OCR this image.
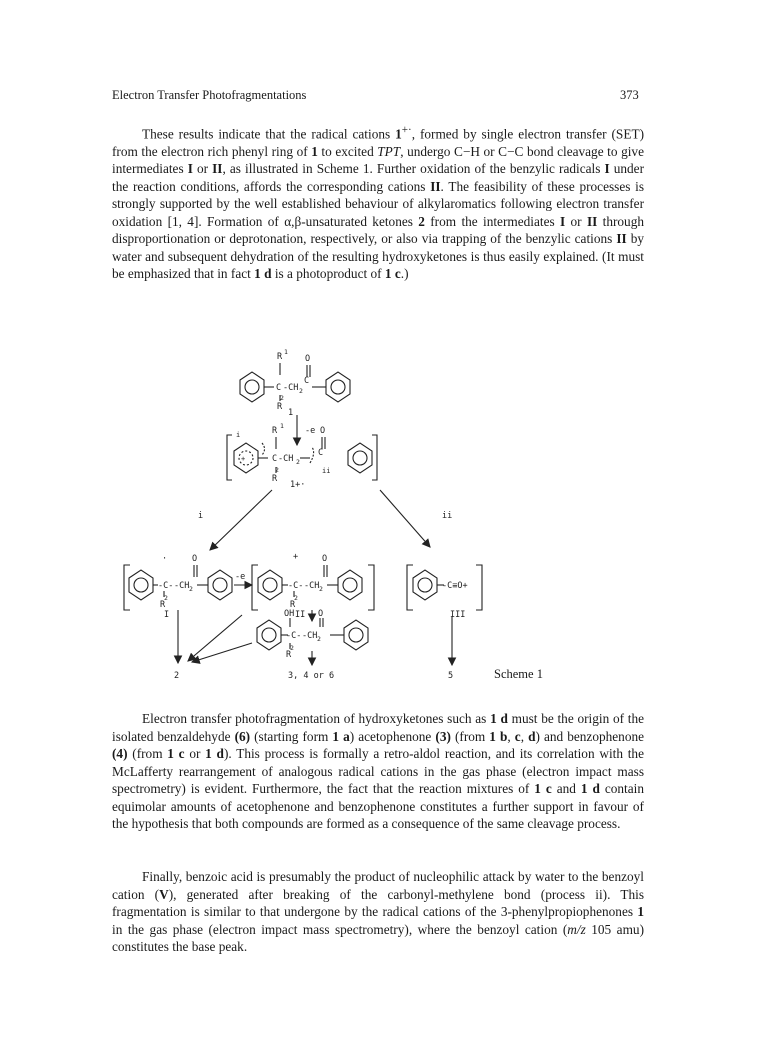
Electron Transfer Photofragmentations	373

These results indicate that the radical cations 1+·, formed by single electron transfer (SET) from the electron rich phenyl ring of 1 to excited TPT, undergo C−H or C−C bond cleavage to give intermediates I or II, as illustrated in Scheme 1. Further oxidation of the benzylic radicals I under the reaction conditions, affords the corresponding cations II. The feasibility of these processes is strongly supported by the well established behaviour of alkylaromatics following electron transfer oxidation [1, 4]. Formation of α,β-unsaturated ketones 2 from the intermediates I or II through disproportionation or deprotonation, respectively, or also via trapping of the benzylic cations II by water and subsequent dehydration of the resulting hydroxyketones is thus easily explained. (It must be emphasized that in fact 1 d is a photoproduct of 1 c.)

R 1
O
C -CH 2
C
R
2
1
-e
i	R 1	O
+	C -CH 2
C
ii
R
2
1+·
i	ii
·
-C- -CH 2
O
R
2
I
-e
+
-C- -CH 2
O
R
2
II
-C≡O+
III
OH	O
-C- -CH 2
R
2
2	3, 4 or 6	5	Scheme 1

Electron transfer photofragmentation of hydroxyketones such as 1 d must be the origin of the isolated benzaldehyde (6) (starting form 1 a) acetophenone (3) (from 1 b, c, d) and benzophenone (4) (from 1 c or 1 d). This process is formally a retro-aldol reaction, and its correlation with the McLafferty rearrangement of analogous radical cations in the gas phase (electron impact mass spectrometry) is evident. Furthermore, the fact that the reaction mixtures of 1 c and 1 d contain equimolar amounts of acetophenone and benzophenone constitutes a further support in favour of the hypothesis that both compounds are formed as a consequence of the same cleavage process.

Finally, benzoic acid is presumably the product of nucleophilic attack by water to the benzoyl cation (V), generated after breaking of the carbonyl-methylene bond (process ii). This fragmentation is similar to that undergone by the radical cations of the 3-phenylpropiophenones 1 in the gas phase (electron impact mass spectrometry), where the benzoyl cation (m/z 105 amu) constitutes the base peak.
